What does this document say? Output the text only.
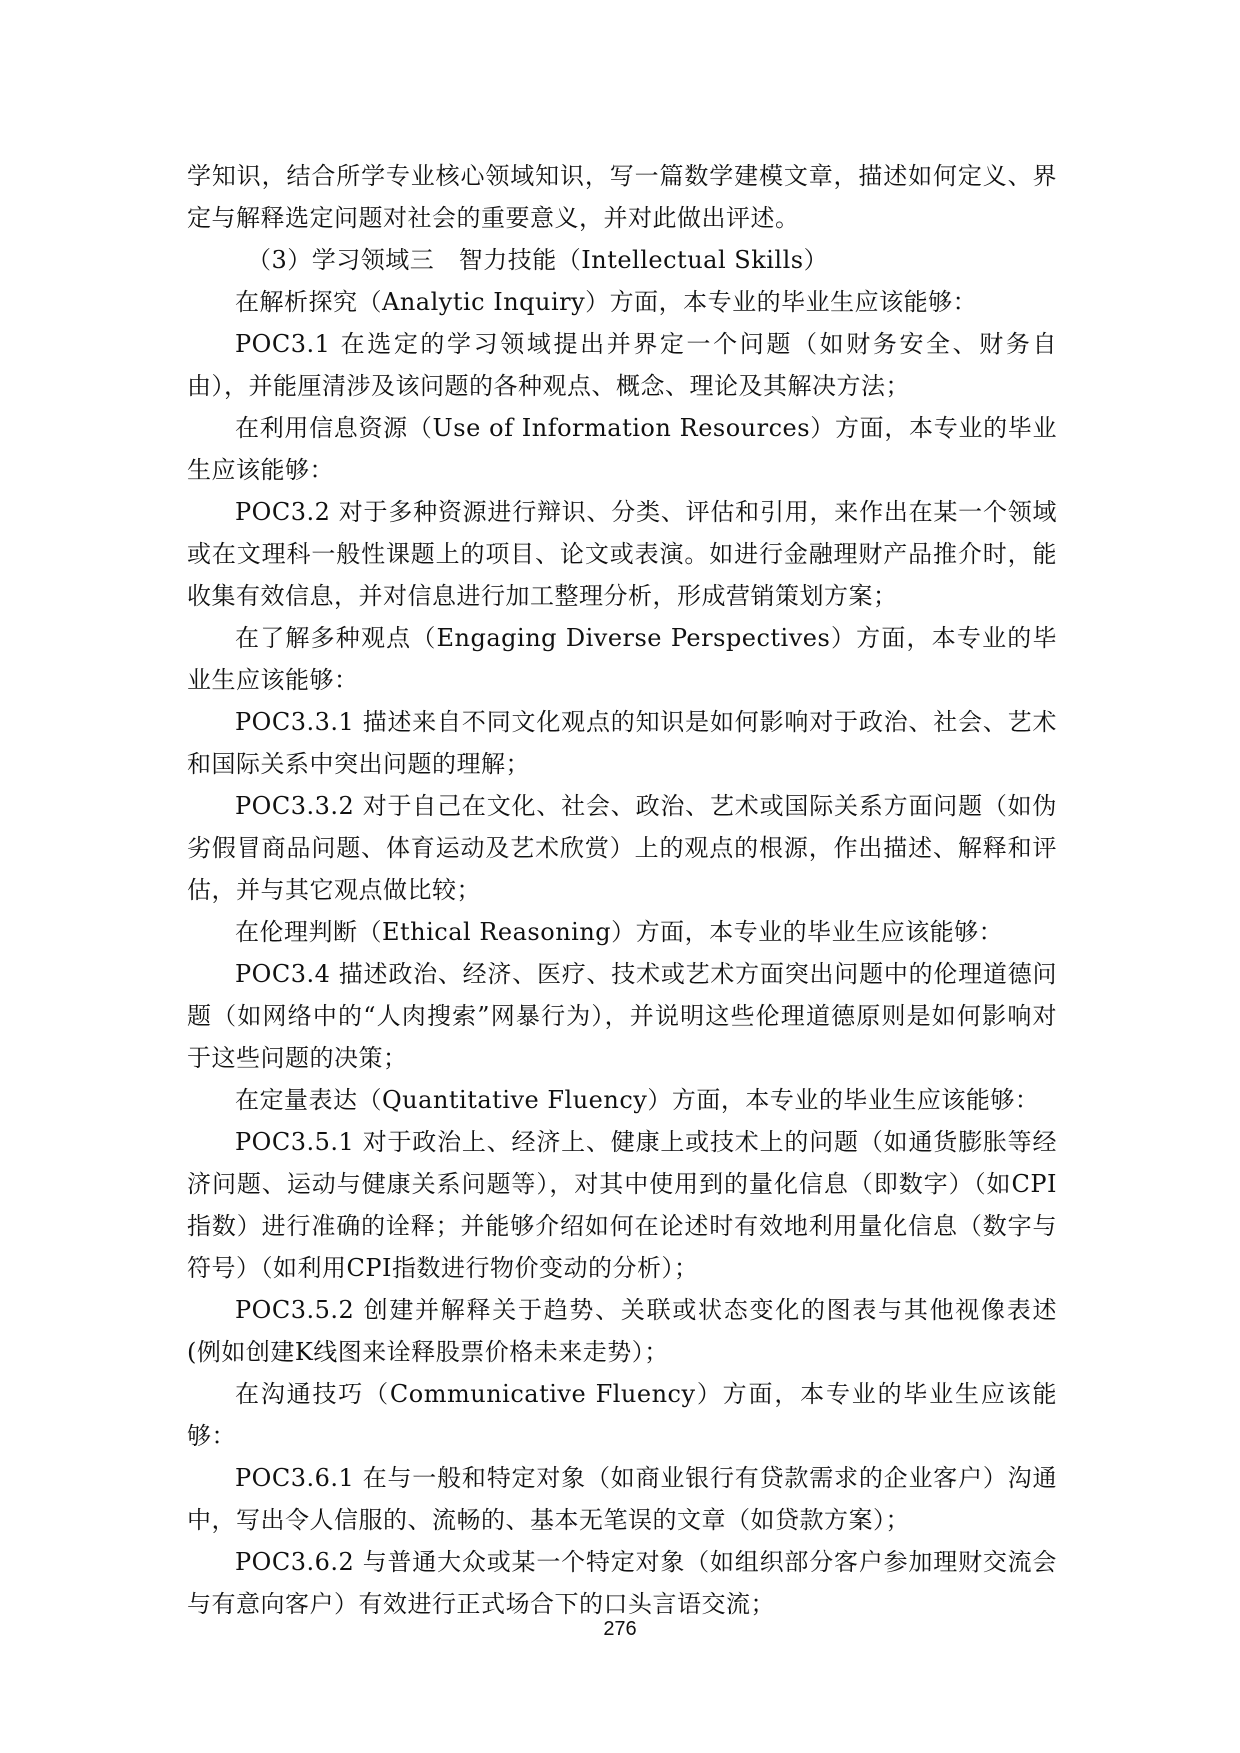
学知识，结合所学专业核心领域知识，写一篇数学建模文章，描述如何定义、界定与解释选定问题对社会的重要意义，并对此做出评述。

（3）学习领域三　智力技能（Intellectual Skills）

在解析探究（Analytic Inquiry）方面，本专业的毕业生应该能够：

POC3.1 在选定的学习领域提出并界定一个问题（如财务安全、财务自由），并能厘清涉及该问题的各种观点、概念、理论及其解决方法；

在利用信息资源（Use of Information Resources）方面，本专业的毕业生应该能够：

POC3.2 对于多种资源进行辩识、分类、评估和引用，来作出在某一个领域或在文理科一般性课题上的项目、论文或表演。如进行金融理财产品推介时，能收集有效信息，并对信息进行加工整理分析，形成营销策划方案；

在了解多种观点（Engaging Diverse Perspectives）方面，本专业的毕业生应该能够：

POC3.3.1 描述来自不同文化观点的知识是如何影响对于政治、社会、艺术和国际关系中突出问题的理解；

POC3.3.2 对于自己在文化、社会、政治、艺术或国际关系方面问题（如伪劣假冒商品问题、体育运动及艺术欣赏）上的观点的根源，作出描述、解释和评估，并与其它观点做比较；

在伦理判断（Ethical Reasoning）方面，本专业的毕业生应该能够：

POC3.4 描述政治、经济、医疗、技术或艺术方面突出问题中的伦理道德问题（如网络中的“人肉搜索”网暴行为），并说明这些伦理道德原则是如何影响对于这些问题的决策；

在定量表达（Quantitative Fluency）方面，本专业的毕业生应该能够：

POC3.5.1 对于政治上、经济上、健康上或技术上的问题（如通货膨胀等经济问题、运动与健康关系问题等），对其中使用到的量化信息（即数字）（如CPI指数）进行准确的诠释；并能够介绍如何在论述时有效地利用量化信息（数字与符号）（如利用CPI指数进行物价变动的分析）；

POC3.5.2 创建并解释关于趋势、关联或状态变化的图表与其他视像表述(例如创建K线图来诠释股票价格未来走势）；

在沟通技巧（Communicative Fluency）方面，本专业的毕业生应该能够：

POC3.6.1 在与一般和特定对象（如商业银行有贷款需求的企业客户）沟通中，写出令人信服的、流畅的、基本无笔误的文章（如贷款方案）；

POC3.6.2 与普通大众或某一个特定对象（如组织部分客户参加理财交流会与有意向客户）有效进行正式场合下的口头言语交流；

276
